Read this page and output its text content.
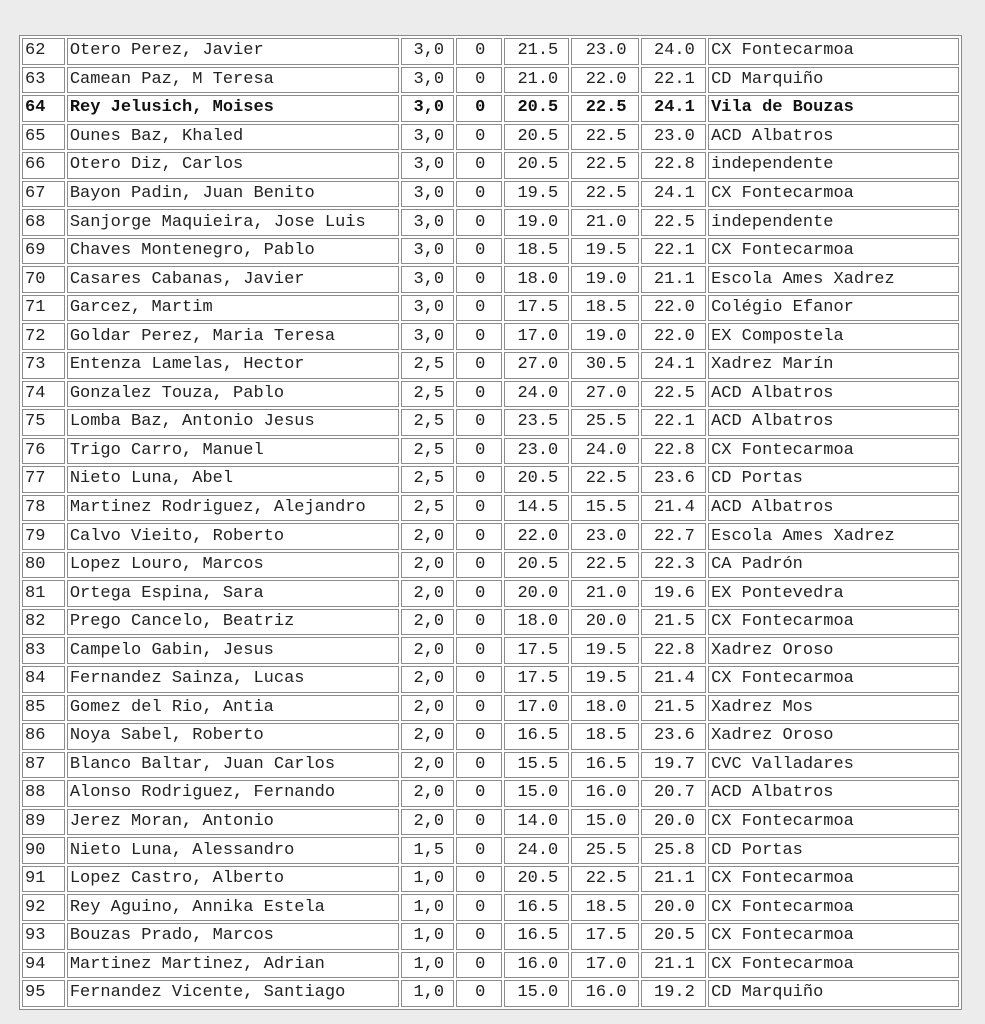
62	Otero Perez, Javier	3,0	0	21.5	23.0	24.0	CX Fontecarmoa
63	Camean Paz, M Teresa	3,0	0	21.0	22.0	22.1	CD Marquiño
64	Rey Jelusich, Moises	3,0	0	20.5	22.5	24.1	Vila de Bouzas
65	Ounes Baz, Khaled	3,0	0	20.5	22.5	23.0	ACD Albatros
66	Otero Diz, Carlos	3,0	0	20.5	22.5	22.8	independente
67	Bayon Padin, Juan Benito	3,0	0	19.5	22.5	24.1	CX Fontecarmoa
68	Sanjorge Maquieira, Jose Luis	3,0	0	19.0	21.0	22.5	independente
69	Chaves Montenegro, Pablo	3,0	0	18.5	19.5	22.1	CX Fontecarmoa
70	Casares Cabanas, Javier	3,0	0	18.0	19.0	21.1	Escola Ames Xadrez
71	Garcez, Martim	3,0	0	17.5	18.5	22.0	Colégio Efanor
72	Goldar Perez, Maria Teresa	3,0	0	17.0	19.0	22.0	EX Compostela
73	Entenza Lamelas, Hector	2,5	0	27.0	30.5	24.1	Xadrez Marín
74	Gonzalez Touza, Pablo	2,5	0	24.0	27.0	22.5	ACD Albatros
75	Lomba Baz, Antonio Jesus	2,5	0	23.5	25.5	22.1	ACD Albatros
76	Trigo Carro, Manuel	2,5	0	23.0	24.0	22.8	CX Fontecarmoa
77	Nieto Luna, Abel	2,5	0	20.5	22.5	23.6	CD Portas
78	Martinez Rodriguez, Alejandro	2,5	0	14.5	15.5	21.4	ACD Albatros
79	Calvo Vieito, Roberto	2,0	0	22.0	23.0	22.7	Escola Ames Xadrez
80	Lopez Louro, Marcos	2,0	0	20.5	22.5	22.3	CA Padrón
81	Ortega Espina, Sara	2,0	0	20.0	21.0	19.6	EX Pontevedra
82	Prego Cancelo, Beatriz	2,0	0	18.0	20.0	21.5	CX Fontecarmoa
83	Campelo Gabin, Jesus	2,0	0	17.5	19.5	22.8	Xadrez Oroso
84	Fernandez Sainza, Lucas	2,0	0	17.5	19.5	21.4	CX Fontecarmoa
85	Gomez del Rio, Antia	2,0	0	17.0	18.0	21.5	Xadrez Mos
86	Noya Sabel, Roberto	2,0	0	16.5	18.5	23.6	Xadrez Oroso
87	Blanco Baltar, Juan Carlos	2,0	0	15.5	16.5	19.7	CVC Valladares
88	Alonso Rodriguez, Fernando	2,0	0	15.0	16.0	20.7	ACD Albatros
89	Jerez Moran, Antonio	2,0	0	14.0	15.0	20.0	CX Fontecarmoa
90	Nieto Luna, Alessandro	1,5	0	24.0	25.5	25.8	CD Portas
91	Lopez Castro, Alberto	1,0	0	20.5	22.5	21.1	CX Fontecarmoa
92	Rey Aguino, Annika Estela	1,0	0	16.5	18.5	20.0	CX Fontecarmoa
93	Bouzas Prado, Marcos	1,0	0	16.5	17.5	20.5	CX Fontecarmoa
94	Martinez Martinez, Adrian	1,0	0	16.0	17.0	21.1	CX Fontecarmoa
95	Fernandez Vicente, Santiago	1,0	0	15.0	16.0	19.2	CD Marquiño
